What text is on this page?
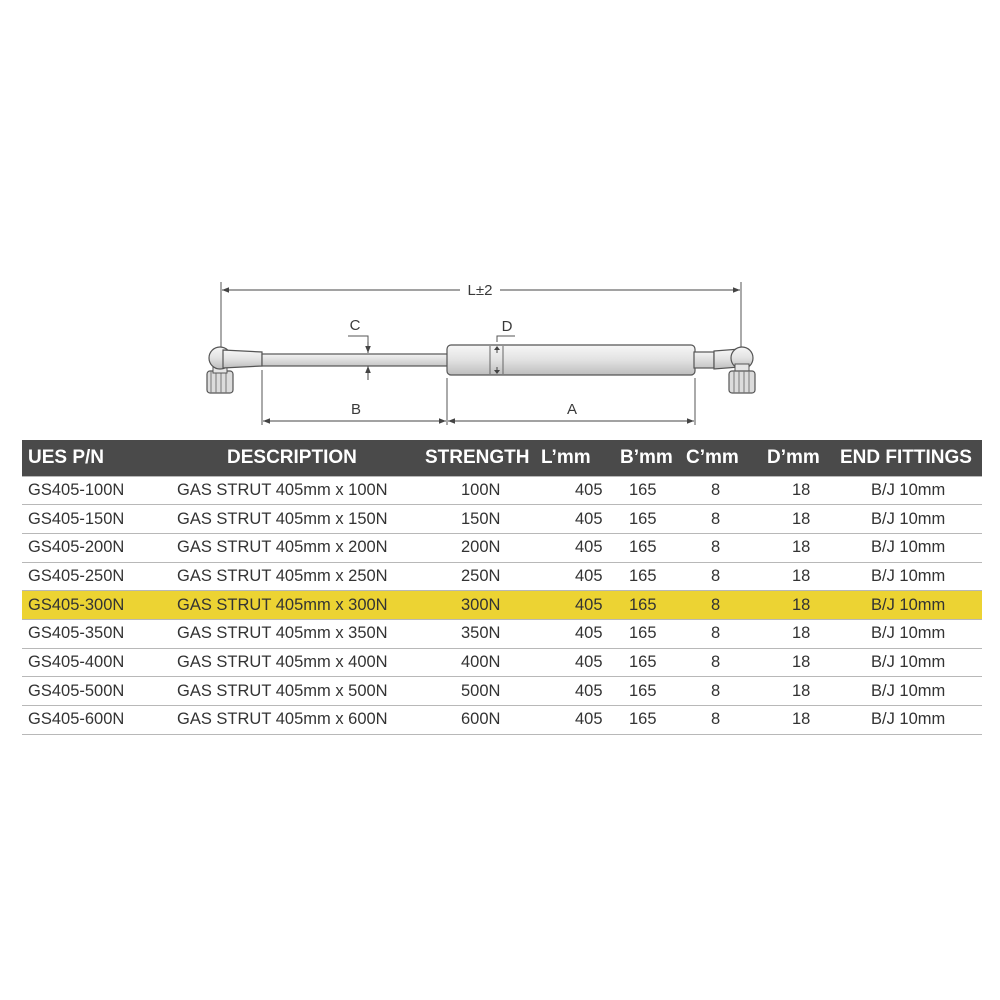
L±2
C	D
B	A
UES P/N	DESCRIPTION	STRENGTH	L’mm	B’mm	C’mm	D’mm	END FITTINGS
GS405-100N	GAS STRUT 405mm x 100N	100N	405	165	8	18	B/J 10mm
GS405-150N	GAS STRUT 405mm x 150N	150N	405	165	8	18	B/J 10mm
GS405-200N	GAS STRUT 405mm x 200N	200N	405	165	8	18	B/J 10mm
GS405-250N	GAS STRUT 405mm x 250N	250N	405	165	8	18	B/J 10mm
GS405-300N	GAS STRUT 405mm x 300N	300N	405	165	8	18	B/J 10mm
GS405-350N	GAS STRUT 405mm x 350N	350N	405	165	8	18	B/J 10mm
GS405-400N	GAS STRUT 405mm x 400N	400N	405	165	8	18	B/J 10mm
GS405-500N	GAS STRUT 405mm x 500N	500N	405	165	8	18	B/J 10mm
GS405-600N	GAS STRUT 405mm x 600N	600N	405	165	8	18	B/J 10mm
